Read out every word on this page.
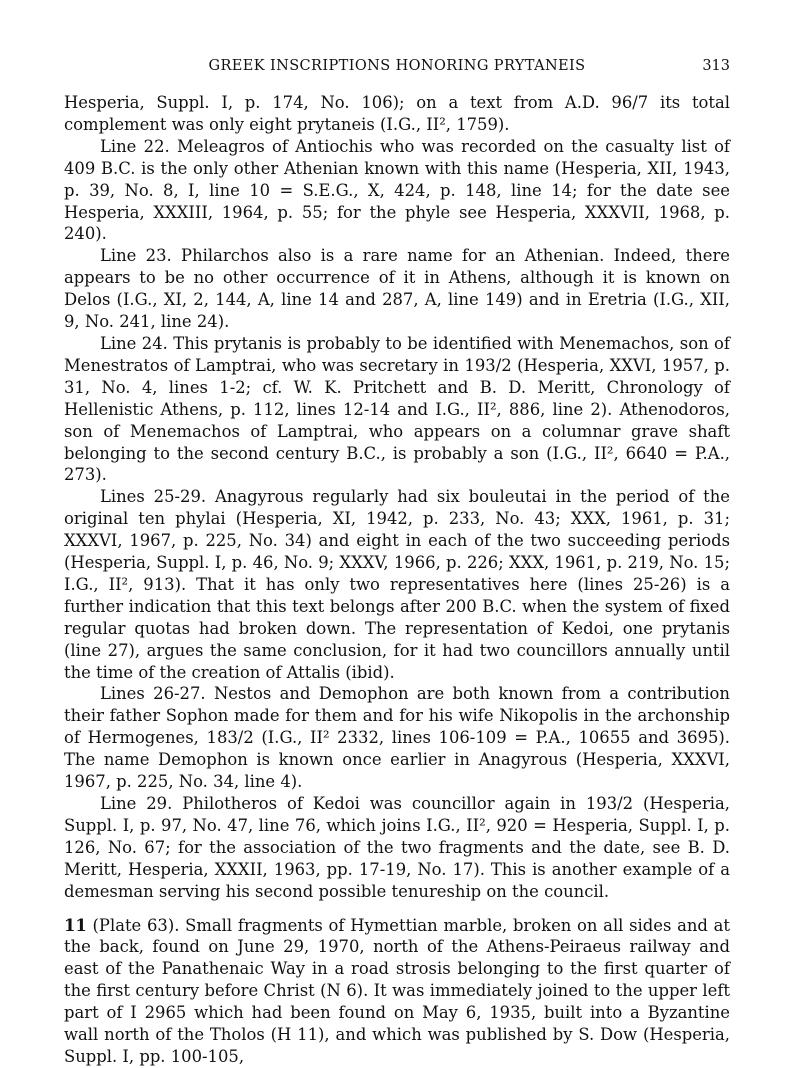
GREEK INSCRIPTIONS HONORING PRYTANEIS	313

Hesperia, Suppl. I, p. 174, No. 106); on a text from A.D. 96/7 its total complement was only eight prytaneis (I.G., II², 1759).

Line 22. Meleagros of Antiochis who was recorded on the casualty list of 409 B.C. is the only other Athenian known with this name (Hesperia, XII, 1943, p. 39, No. 8, I, line 10 = S.E.G., X, 424, p. 148, line 14; for the date see Hesperia, XXXIII, 1964, p. 55; for the phyle see Hesperia, XXXVII, 1968, p. 240).

Line 23. Philarchos also is a rare name for an Athenian. Indeed, there appears to be no other occurrence of it in Athens, although it is known on Delos (I.G., XI, 2, 144, A, line 14 and 287, A, line 149) and in Eretria (I.G., XII, 9, No. 241, line 24).

Line 24. This prytanis is probably to be identified with Menemachos, son of Menestratos of Lamptrai, who was secretary in 193/2 (Hesperia, XXVI, 1957, p. 31, No. 4, lines 1-2; cf. W. K. Pritchett and B. D. Meritt, Chronology of Hellenistic Athens, p. 112, lines 12-14 and I.G., II², 886, line 2). Athenodoros, son of Menemachos of Lamptrai, who appears on a columnar grave shaft belonging to the second century B.C., is probably a son (I.G., II², 6640 = P.A., 273).

Lines 25-29. Anagyrous regularly had six bouleutai in the period of the original ten phylai (Hesperia, XI, 1942, p. 233, No. 43; XXX, 1961, p. 31; XXXVI, 1967, p. 225, No. 34) and eight in each of the two succeeding periods (Hesperia, Suppl. I, p. 46, No. 9; XXXV, 1966, p. 226; XXX, 1961, p. 219, No. 15; I.G., II², 913). That it has only two representatives here (lines 25-26) is a further indication that this text belongs after 200 B.C. when the system of fixed regular quotas had broken down. The representation of Kedoi, one prytanis (line 27), argues the same conclusion, for it had two councillors annually until the time of the creation of Attalis (ibid).

Lines 26-27. Nestos and Demophon are both known from a contribution their father Sophon made for them and for his wife Nikopolis in the archonship of Hermogenes, 183/2 (I.G., II² 2332, lines 106-109 = P.A., 10655 and 3695). The name Demophon is known once earlier in Anagyrous (Hesperia, XXXVI, 1967, p. 225, No. 34, line 4).

Line 29. Philotheros of Kedoi was councillor again in 193/2 (Hesperia, Suppl. I, p. 97, No. 47, line 76, which joins I.G., II², 920 = Hesperia, Suppl. I, p. 126, No. 67; for the association of the two fragments and the date, see B. D. Meritt, Hesperia, XXXII, 1963, pp. 17-19, No. 17). This is another example of a demesman serving his second possible tenureship on the council.

11 (Plate 63). Small fragments of Hymettian marble, broken on all sides and at the back, found on June 29, 1970, north of the Athens-Peiraeus railway and east of the Panathenaic Way in a road strosis belonging to the first quarter of the first century before Christ (N 6). It was immediately joined to the upper left part of I 2965 which had been found on May 6, 1935, built into a Byzantine wall north of the Tholos (H 11), and which was published by S. Dow (Hesperia, Suppl. I, pp. 100-105,
